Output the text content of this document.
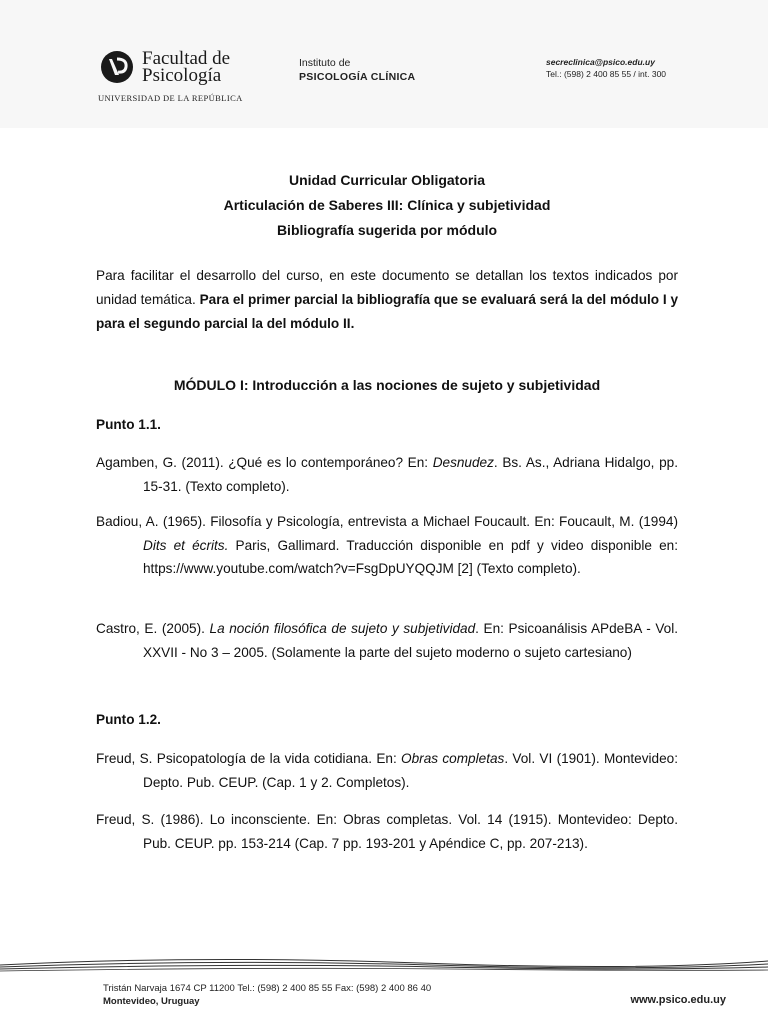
Facultad de
Psicología
UNIVERSIDAD DE LA REPÚBLICA
Instituto de
PSICOLOGÍA CLÍNICA
secreclinica@psico.edu.uy
Tel.: (598) 2 400 85 55 / int. 300
Unidad Curricular Obligatoria
Articulación de Saberes III: Clínica y subjetividad
Bibliografía sugerida por módulo
Para facilitar el desarrollo del curso, en este documento se detallan los textos indicados por unidad temática. Para el primer parcial la bibliografía que se evaluará será la del módulo I y para el segundo parcial la del módulo II.
MÓDULO I: Introducción a las nociones de sujeto y subjetividad
Punto 1.1.
Agamben, G. (2011). ¿Qué es lo contemporáneo? En: Desnudez. Bs. As., Adriana Hidalgo, pp. 15-31. (Texto completo).
Badiou, A. (1965). Filosofía y Psicología, entrevista a Michael Foucault. En: Foucault, M. (1994) Dits et écrits. Paris, Gallimard. Traducción disponible en pdf y video disponible en: https://www.youtube.com/watch?v=FsgDpUYQQJM [2] (Texto completo).
Castro, E. (2005). La noción filosófica de sujeto y subjetividad. En: Psicoanálisis APdeBA - Vol. XXVII - No 3 – 2005. (Solamente la parte del sujeto moderno o sujeto cartesiano)
Punto 1.2.
Freud, S. Psicopatología de la vida cotidiana. En: Obras completas. Vol. VI (1901). Montevideo: Depto. Pub. CEUP. (Cap. 1 y 2. Completos).
Freud, S. (1986). Lo inconsciente. En: Obras completas. Vol. 14 (1915). Montevideo: Depto. Pub. CEUP. pp. 153-214 (Cap. 7 pp. 193-201 y Apéndice C, pp. 207-213).
Tristán Narvaja 1674 CP 11200 Tel.: (598) 2 400 85 55 Fax: (598) 2 400 86 40
Montevideo, Uruguay	www.psico.edu.uy
